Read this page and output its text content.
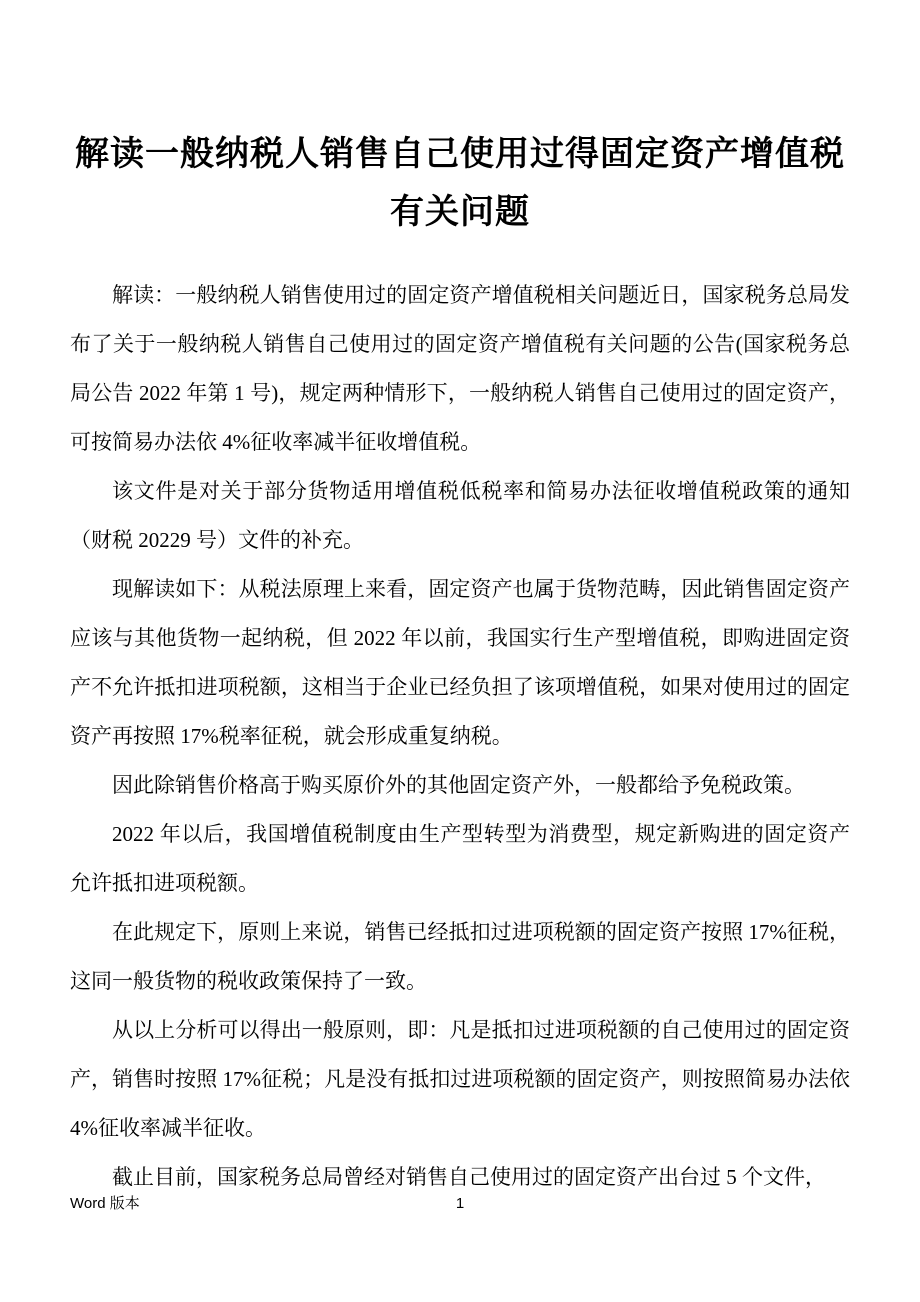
解读一般纳税人销售自己使用过得固定资产增值税有关问题

解读：一般纳税人销售使用过的固定资产增值税相关问题近日，国家税务总局发布了关于一般纳税人销售自己使用过的固定资产增值税有关问题的公告(国家税务总局公告 2022 年第 1 号)，规定两种情形下，一般纳税人销售自己使用过的固定资产，可按简易办法依 4%征收率减半征收增值税。

该文件是对关于部分货物适用增值税低税率和简易办法征收增值税政策的通知（财税 20229 号）文件的补充。

现解读如下：从税法原理上来看，固定资产也属于货物范畴，因此销售固定资产应该与其他货物一起纳税，但 2022 年以前，我国实行生产型增值税，即购进固定资产不允许抵扣进项税额，这相当于企业已经负担了该项增值税，如果对使用过的固定资产再按照 17%税率征税，就会形成重复纳税。

因此除销售价格高于购买原价外的其他固定资产外，一般都给予免税政策。

2022 年以后，我国增值税制度由生产型转型为消费型，规定新购进的固定资产允许抵扣进项税额。

在此规定下，原则上来说，销售已经抵扣过进项税额的固定资产按照 17%征税，这同一般货物的税收政策保持了一致。

从以上分析可以得出一般原则，即：凡是抵扣过进项税额的自己使用过的固定资产，销售时按照 17%征税；凡是没有抵扣过进项税额的固定资产，则按照简易办法依 4%征收率减半征收。

截止目前，国家税务总局曾经对销售自己使用过的固定资产出台过 5 个文件，

Word 版本	1
